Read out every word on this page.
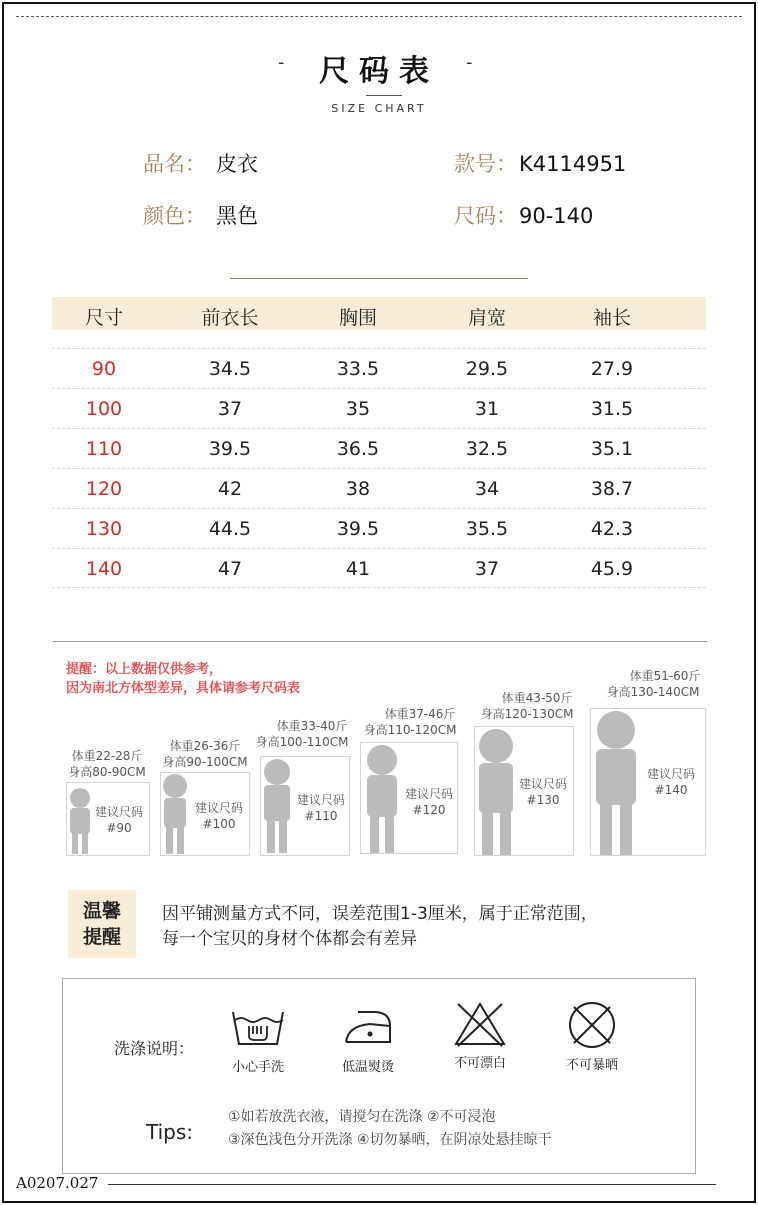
尺码表
-	-
SIZE CHART
品名： 皮衣	款号：K4114951
颜色： 黑色	尺码：90-140
尺寸	前衣长	胸围	肩宽	袖长
90	34.5	33.5	29.5	27.9
100	37	35	31	31.5
110	39.5	36.5	32.5	35.1
120	42	38	34	38.7
130	44.5	39.5	35.5	42.3
140	47	41	37	45.9
提醒：以上数据仅供参考，
因为南北方体型差异，具体请参考尺码表
体重22-28斤
身高80-90CM
建议尺码
#90
体重26-36斤
身高90-100CM
建议尺码
#100
体重33-40斤
身高100-110CM
建议尺码
#110
体重37-46斤
身高110-120CM
建议尺码
#120
体重43-50斤
身高120-130CM
建议尺码
#130
体重51-60斤
身高130-140CM
建议尺码
#140
温馨
提醒
因平铺测量方式不同，误差范围1-3厘米，属于正常范围，
每一个宝贝的身材个体都会有差异
洗涤说明：
小心手洗	低温熨烫	不可漂白	不可暴晒
Tips:
①如若放洗衣液，请搅匀在洗涤 ②不可浸泡
③深色浅色分开洗涤 ④切勿暴晒，在阴凉处悬挂晾干
A0207.027
